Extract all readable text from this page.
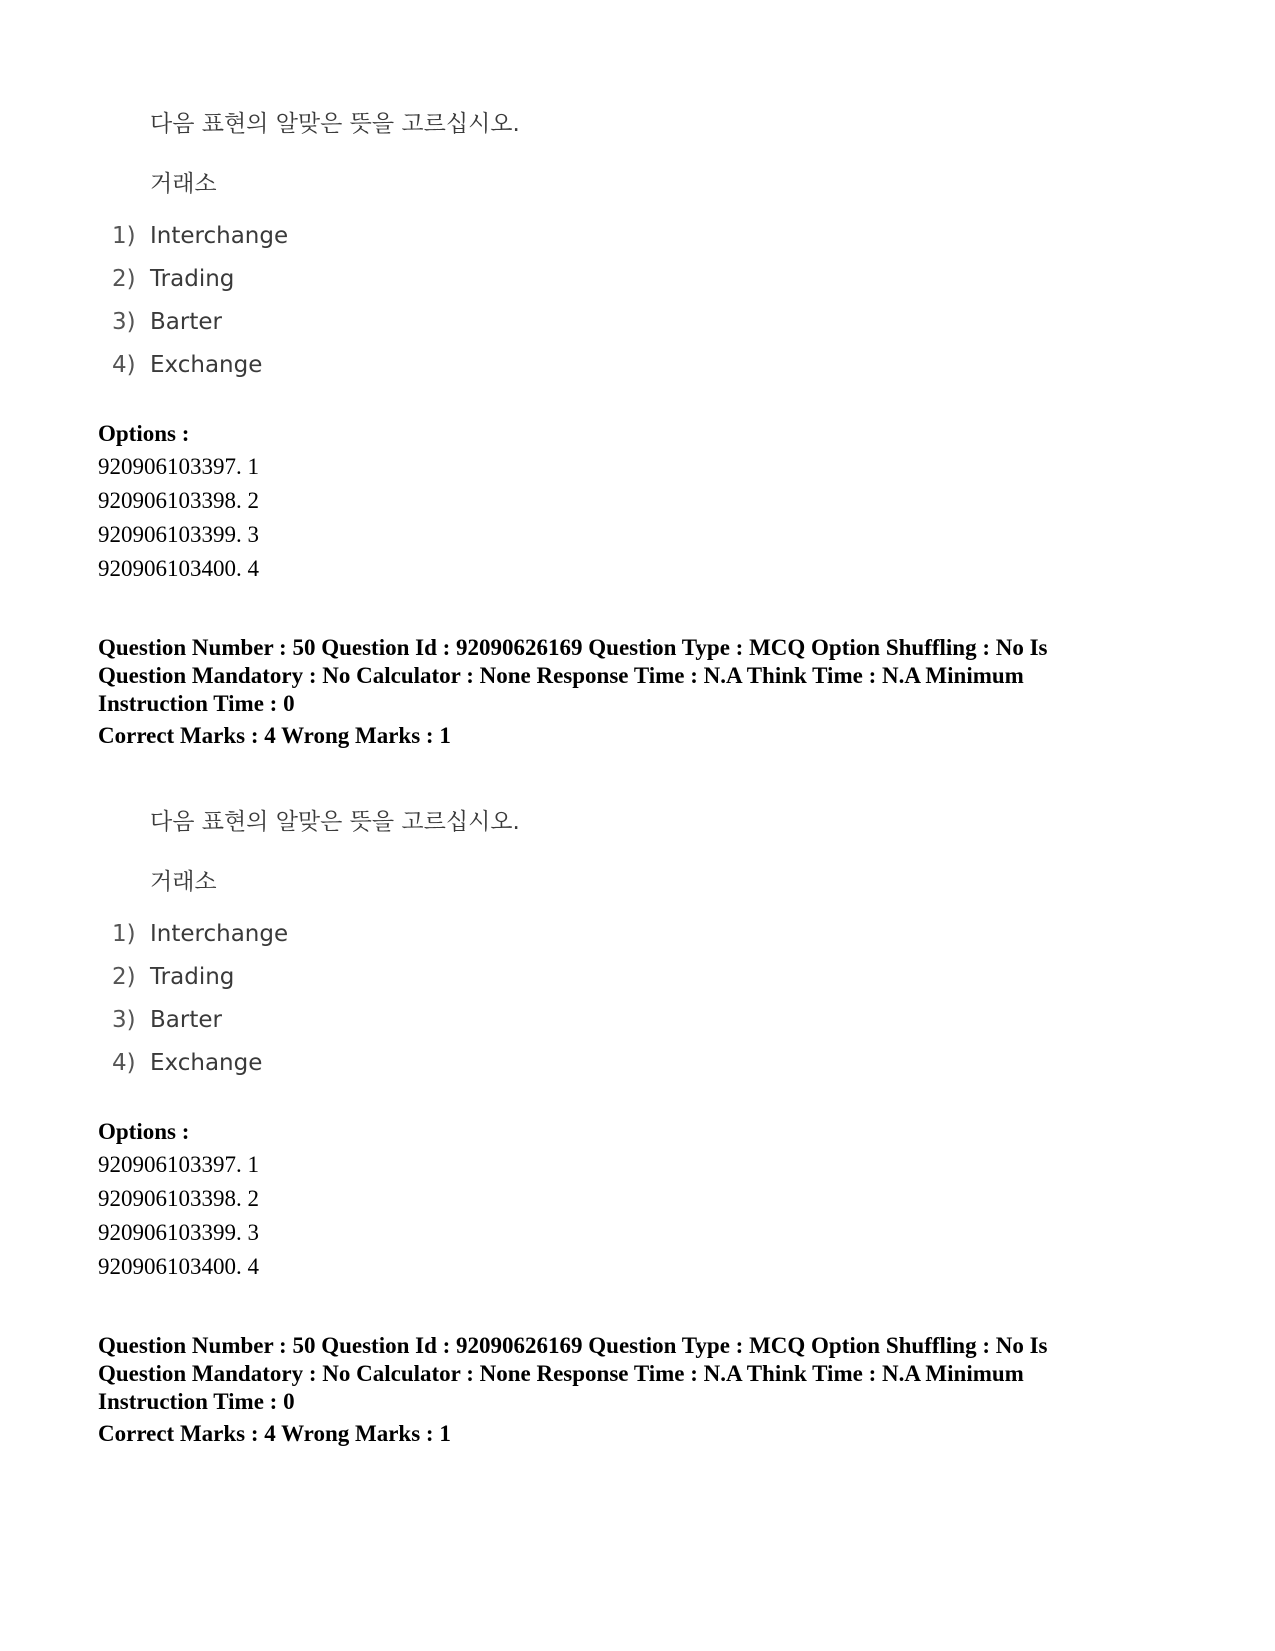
다음 표현의 알맞은 뜻을 고르십시오.
거래소
1) Interchange
2) Trading
3) Barter
4) Exchange
Options :
920906103397. 1
920906103398. 2
920906103399. 3
920906103400. 4
Question Number : 50 Question Id : 92090626169 Question Type : MCQ Option Shuffling : No Is
Question Mandatory : No Calculator : None Response Time : N.A Think Time : N.A Minimum
Instruction Time : 0
Correct Marks : 4 Wrong Marks : 1
다음 표현의 알맞은 뜻을 고르십시오.
거래소
1) Interchange
2) Trading
3) Barter
4) Exchange
Options :
920906103397. 1
920906103398. 2
920906103399. 3
920906103400. 4
Question Number : 50 Question Id : 92090626169 Question Type : MCQ Option Shuffling : No Is
Question Mandatory : No Calculator : None Response Time : N.A Think Time : N.A Minimum
Instruction Time : 0
Correct Marks : 4 Wrong Marks : 1
